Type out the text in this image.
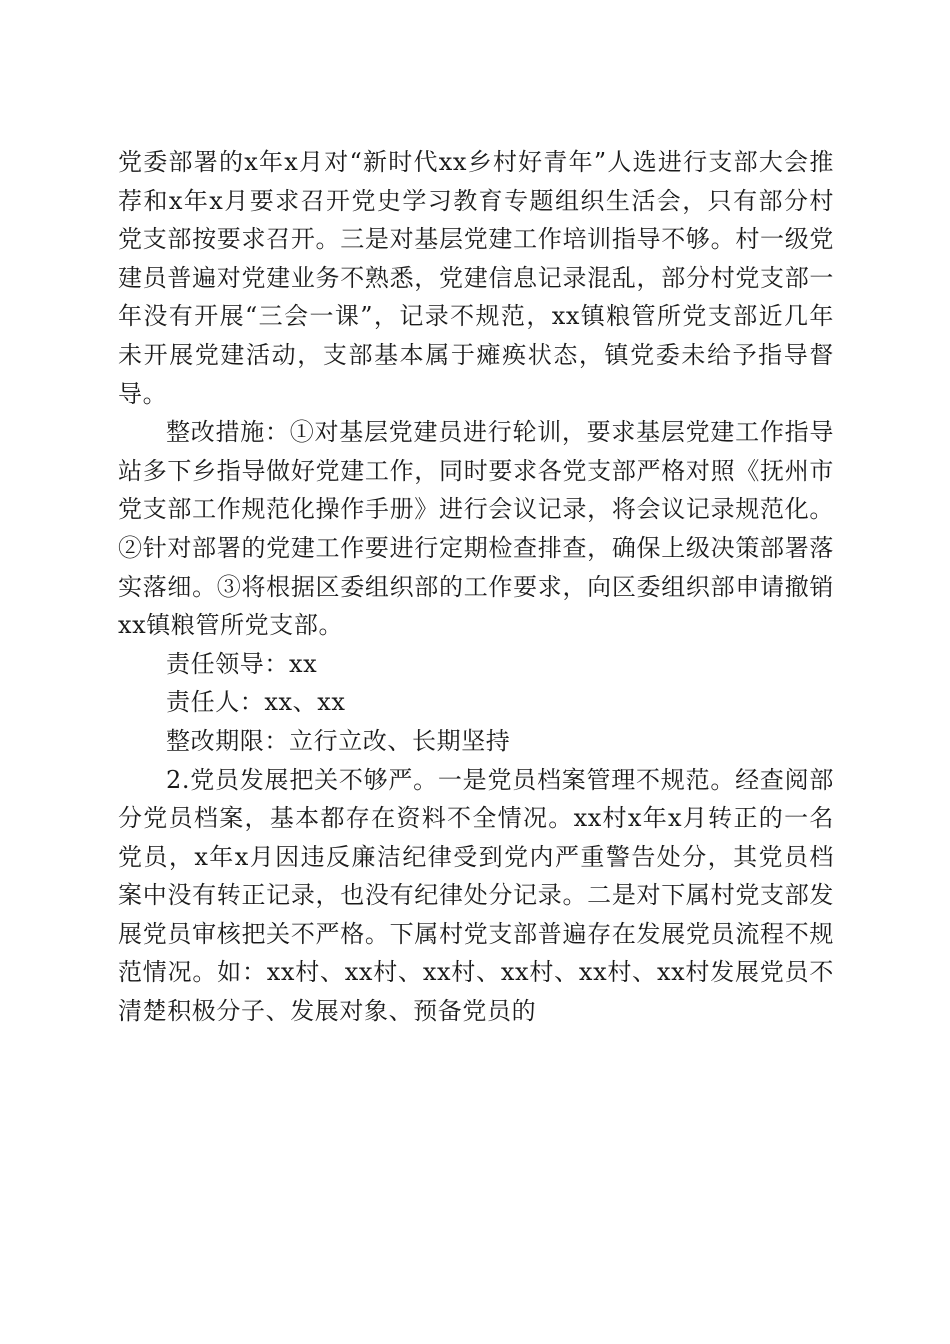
党委部署的x年x月对“新时代xx乡村好青年”人选进行支部大会推荐和x年x月要求召开党史学习教育专题组织生活会，只有部分村党支部按要求召开。三是对基层党建工作培训指导不够。村一级党建员普遍对党建业务不熟悉，党建信息记录混乱，部分村党支部一年没有开展“三会一课”，记录不规范，xx镇粮管所党支部近几年未开展党建活动，支部基本属于瘫痪状态，镇党委未给予指导督导。

整改措施：①对基层党建员进行轮训，要求基层党建工作指导站多下乡指导做好党建工作，同时要求各党支部严格对照《抚州市党支部工作规范化操作手册》进行会议记录，将会议记录规范化。②针对部署的党建工作要进行定期检查排查，确保上级决策部署落实落细。③将根据区委组织部的工作要求，向区委组织部申请撤销xx镇粮管所党支部。

责任领导：xx

责任人：xx、xx

整改期限：立行立改、长期坚持

2.党员发展把关不够严。一是党员档案管理不规范。经查阅部分党员档案，基本都存在资料不全情况。xx村x年x月转正的一名党员，x年x月因违反廉洁纪律受到党内严重警告处分，其党员档案中没有转正记录，也没有纪律处分记录。二是对下属村党支部发展党员审核把关不严格。下属村党支部普遍存在发展党员流程不规范情况。如：xx村、xx村、xx村、xx村、xx村、xx村发展党员不清楚积极分子、发展对象、预备党员的
